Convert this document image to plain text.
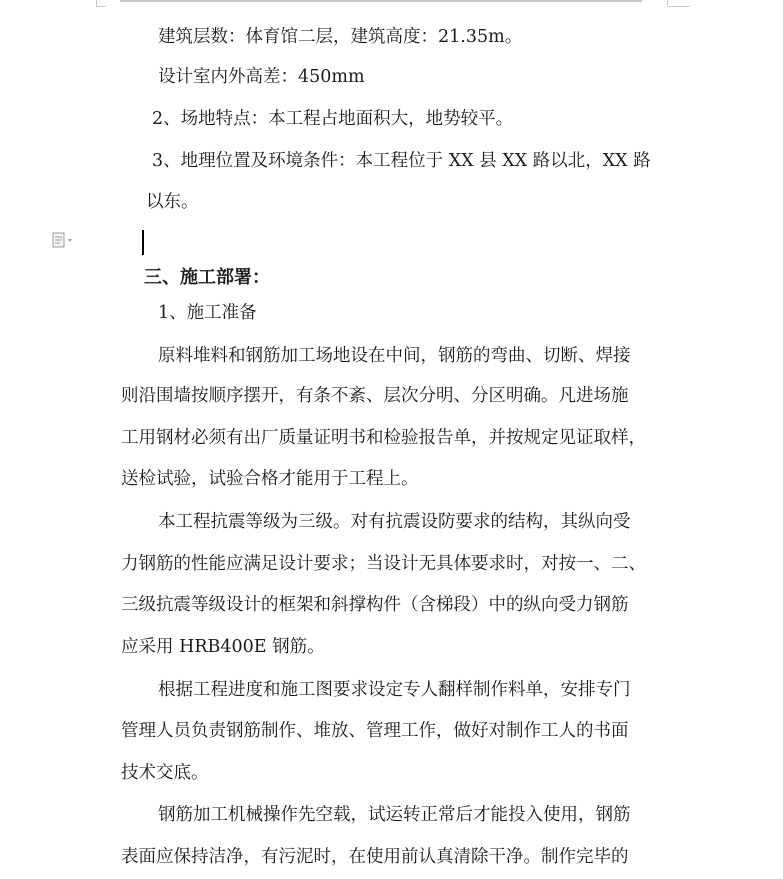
建筑层数：体育馆二层，建筑高度：21.35m。
设计室内外高差：450mm
2、场地特点：本工程占地面积大，地势较平。
3、地理位置及环境条件：本工程位于 XX 县 XX 路以北，XX 路
以东。
三、施工部署：
1、施工准备
原料堆料和钢筋加工场地设在中间，钢筋的弯曲、切断、焊接
则沿围墙按顺序摆开，有条不紊、层次分明、分区明确。凡进场施
工用钢材必须有出厂质量证明书和检验报告单，并按规定见证取样，
送检试验，试验合格才能用于工程上。
本工程抗震等级为三级。对有抗震设防要求的结构，其纵向受
力钢筋的性能应满足设计要求；当设计无具体要求时，对按一、二、
三级抗震等级设计的框架和斜撑构件（含梯段）中的纵向受力钢筋
应采用 HRB400E 钢筋。
根据工程进度和施工图要求设定专人翻样制作料单，安排专门
管理人员负责钢筋制作、堆放、管理工作，做好对制作工人的书面
技术交底。
钢筋加工机械操作先空载，试运转正常后才能投入使用，钢筋
表面应保持洁净，有污泥时，在使用前认真清除干净。制作完毕的
